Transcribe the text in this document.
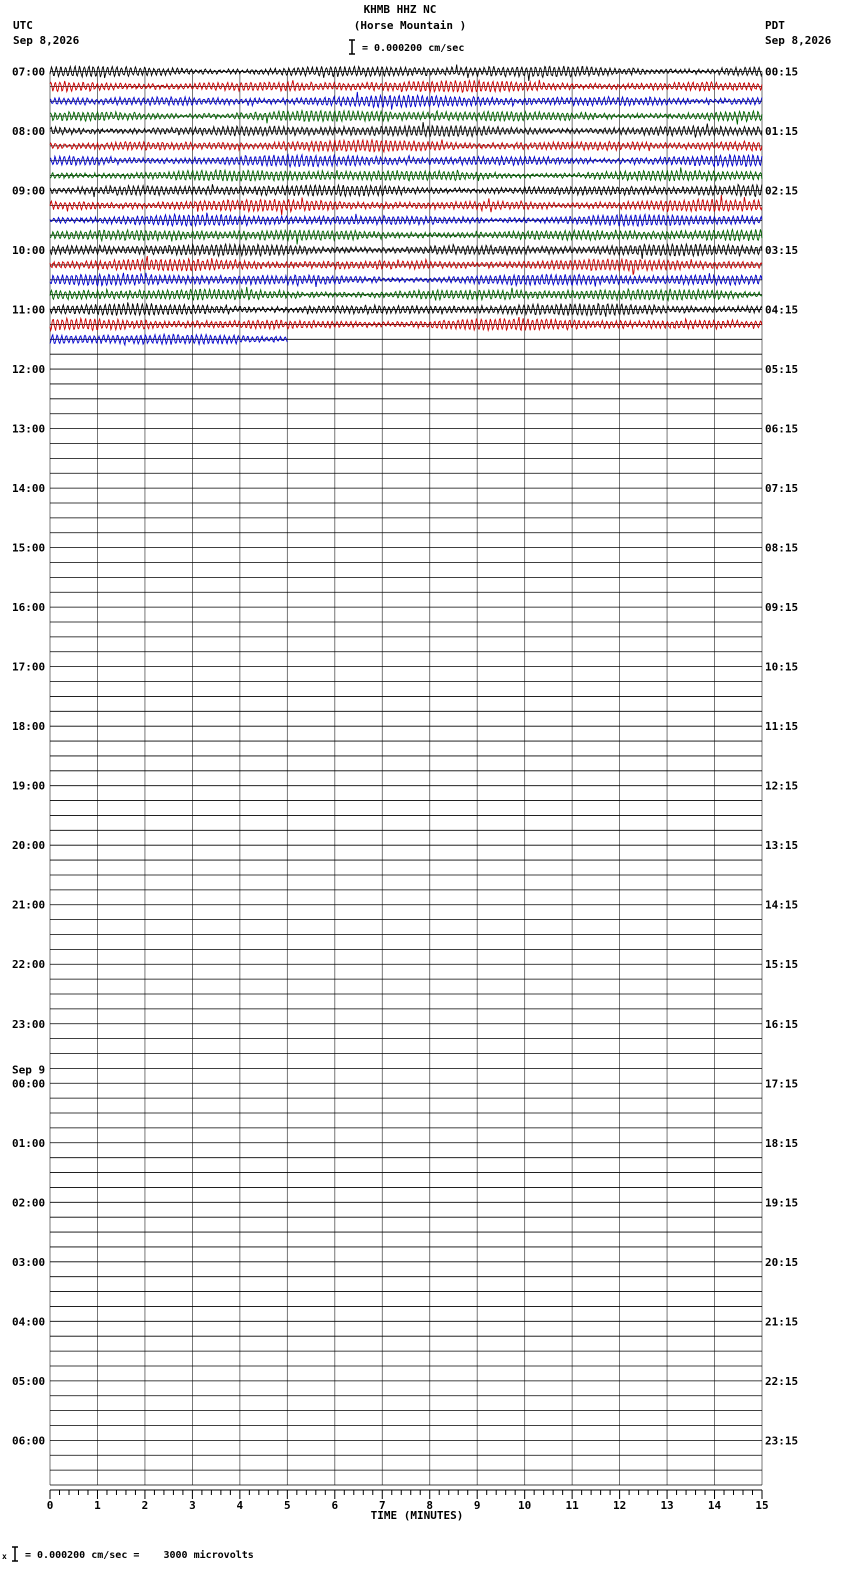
KHMB HHZ NC
(Horse Mountain )
= 0.000200 cm/sec
UTC
Sep 8,2026
PDT
Sep 8,2026
07:00
08:00
09:00
10:00
11:00
12:00
13:00
14:00
15:00
16:00
17:00
18:00
19:00
20:00
21:00
22:00
23:00
00:00
01:00
02:00
03:00
04:00
05:00
06:00
00:15
01:15
02:15
03:15
04:15
05:15
06:15
07:15
08:15
09:15
10:15
11:15
12:15
13:15
14:15
15:15
16:15
17:15
18:15
19:15
20:15
21:15
22:15
23:15
Sep 9
0	1	2	3	4	5	6	7	8	9	10	11	12	13	14	15
TIME (MINUTES)
x = 0.000200 cm/sec =    3000 microvolts
